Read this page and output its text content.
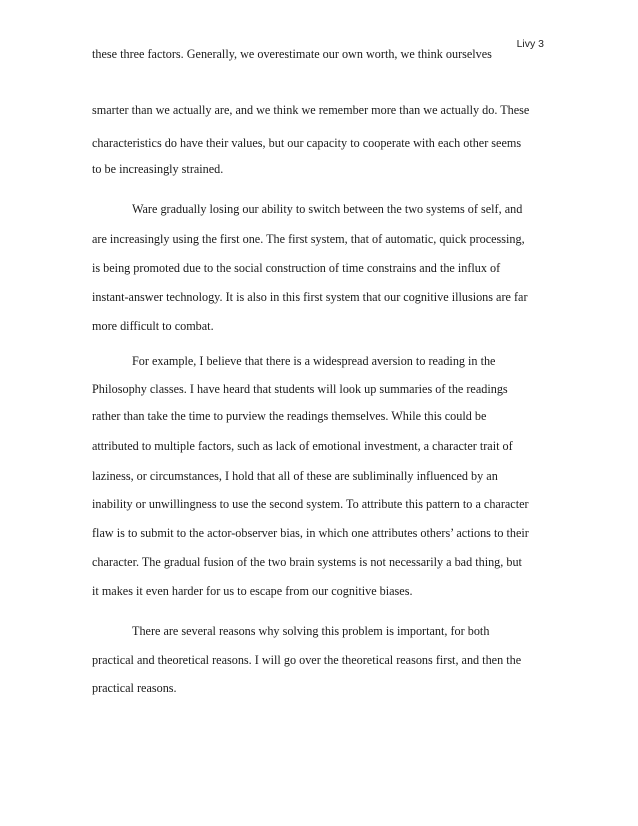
Livy 3
these three factors. Generally, we overestimate our own worth, we think ourselves
smarter than we actually are, and we think we remember more than we actually do. These
characteristics do have their values, but our capacity to cooperate with each other seems
to be increasingly strained.
Ware gradually losing our ability to switch between the two systems of self, and
are increasingly using the first one. The first system, that of automatic, quick processing,
is being promoted due to the social construction of time constrains and the influx of
instant-answer technology. It is also in this first system that our cognitive illusions are far
more difficult to combat.
For example, I believe that there is a widespread aversion to reading in the
Philosophy classes. I have heard that students will look up summaries of the readings
rather than take the time to purview the readings themselves. While this could be
attributed to multiple factors, such as lack of emotional investment, a character trait of
laziness, or circumstances, I hold that all of these are subliminally influenced by an
inability or unwillingness to use the second system. To attribute this pattern to a character
flaw is to submit to the actor-observer bias, in which one attributes others’ actions to their
character. The gradual fusion of the two brain systems is not necessarily a bad thing, but
it makes it even harder for us to escape from our cognitive biases.
There are several reasons why solving this problem is important, for both
practical and theoretical reasons. I will go over the theoretical reasons first, and then the
practical reasons.
